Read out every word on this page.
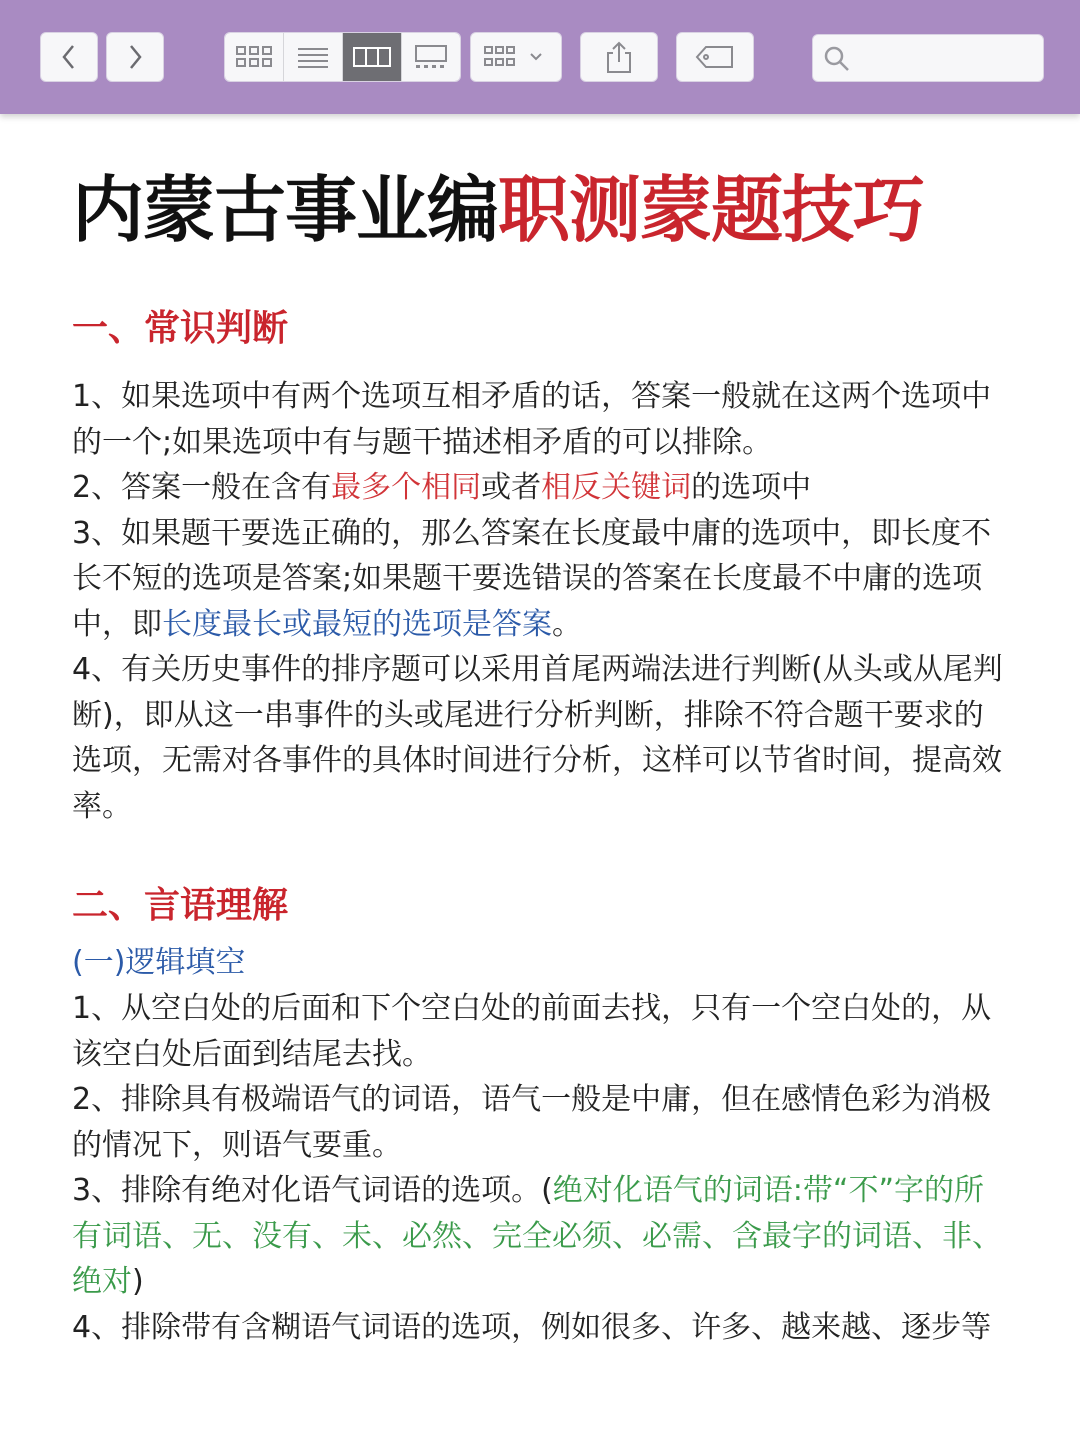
内蒙古事业编职测蒙题技巧
一、常识判断

1、如果选项中有两个选项互相矛盾的话，答案一般就在这两个选项中的一个;如果选项中有与题干描述相矛盾的可以排除。

2、答案一般在含有最多个相同或者相反关键词的选项中

3、如果题干要选正确的，那么答案在长度最中庸的选项中，即长度不长不短的选项是答案;如果题干要选错误的答案在长度最不中庸的选项中，即长度最长或最短的选项是答案。

4、有关历史事件的排序题可以采用首尾两端法进行判断(从头或从尾判断)，即从这一串事件的头或尾进行分析判断，排除不符合题干要求的选项，无需对各事件的具体时间进行分析，这样可以节省时间，提高效率。

二、言语理解

(一)逻辑填空

1、从空白处的后面和下个空白处的前面去找，只有一个空白处的，从该空白处后面到结尾去找。

2、排除具有极端语气的词语，语气一般是中庸，但在感情色彩为消极的情况下，则语气要重。

3、排除有绝对化语气词语的选项。(绝对化语气的词语:带“不”字的所有词语、无、没有、未、必然、完全必须、必需、含最字的词语、非、绝对)

4、排除带有含糊语气词语的选项，例如很多、许多、越来越、逐步等
